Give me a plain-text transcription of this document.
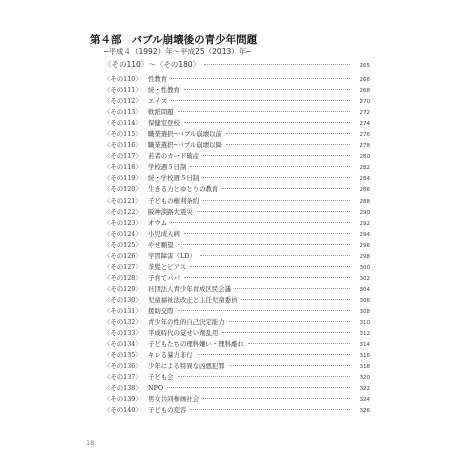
第４部 バブル崩壊後の青少年問題
─平成４（1992）年～平成25（2013）年─
〈その110〉～〈その180〉	265
〈その110〉 性教育	266
〈その111〉 続・性教育	268
〈その112〉 エイズ	270
〈その113〉 軟派問題	272
〈その114〉 保健室登校	274
〈その115〉 職業選択─バブル崩壊以前	276
〈その116〉 職業選択─バブル崩壊以降	278
〈その117〉 若者のカード破産	280
〈その118〉 学校週５日制	282
〈その119〉 続・学校週５日制	284
〈その120〉 生きる力とゆとりの教育	286
〈その121〉 子どもの権利条約	288
〈その122〉 阪神淡路大震災	290
〈その123〉 オウム	292
〈その124〉 小児成人病	294
〈その125〉 やせ願望	296
〈その126〉 学習障害（LD）	298
〈その127〉 茶髪とピアス	300
〈その128〉 子育てパパ	302
〈その129〉 社団法人青少年育成区民会議	304
〈その130〉 児童福祉法改正と主任児童委員	306
〈その131〉 援助交際	308
〈その132〉 青少年の性的自己決定能力	310
〈その133〉 平成時代の覚せい剤乱用	312
〈その134〉 子どもたちの理科嫌い・理科離れ	314
〈その135〉 キレる暴力非行	316
〈その136〉 少年による特異な凶悪犯罪	318
〈その137〉 子ども会	320
〈その138〉 NPO	322
〈その139〉 男女共同参画社会	324
〈その140〉 子どもの変容	326
18
